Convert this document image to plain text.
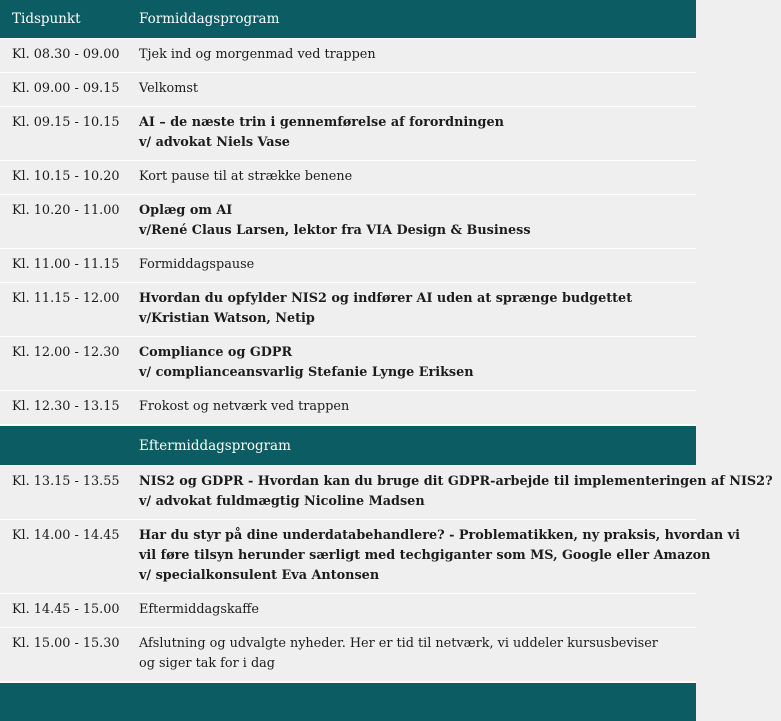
Tidspunkt	Formiddagsprogram
Kl. 08.30 - 09.00	Tjek ind og morgenmad ved trappen
Kl. 09.00 - 09.15	Velkomst
Kl. 09.15 - 10.15	AI – de næste trin i gennemførelse af forordningen
v/ advokat Niels Vase
Kl. 10.15 - 10.20	Kort pause til at strække benene
Kl. 10.20 - 11.00	Oplæg om AI
v/René Claus Larsen, lektor fra VIA Design & Business
Kl. 11.00 - 11.15	Formiddagspause
Kl. 11.15 - 12.00	Hvordan du opfylder NIS2 og indfører AI uden at sprænge budgettet
v/Kristian Watson, Netip
Kl. 12.00 - 12.30	Compliance og GDPR
v/ complianceansvarlig Stefanie Lynge Eriksen
Kl. 12.30 - 13.15	Frokost og netværk ved trappen
Eftermiddagsprogram
Kl. 13.15 - 13.55	NIS2 og GDPR - Hvordan kan du bruge dit GDPR-arbejde til implementeringen af NIS2?
v/ advokat fuldmægtig Nicoline Madsen
Kl. 14.00 - 14.45	Har du styr på dine underdatabehandlere? - Problematikken, ny praksis, hvordan vi
vil føre tilsyn herunder særligt med techgiganter som MS, Google eller Amazon
v/ specialkonsulent Eva Antonsen
Kl. 14.45 - 15.00	Eftermiddagskaffe
Kl. 15.00 - 15.30	Afslutning og udvalgte nyheder. Her er tid til netværk, vi uddeler kursusbeviser
og siger tak for i dag
